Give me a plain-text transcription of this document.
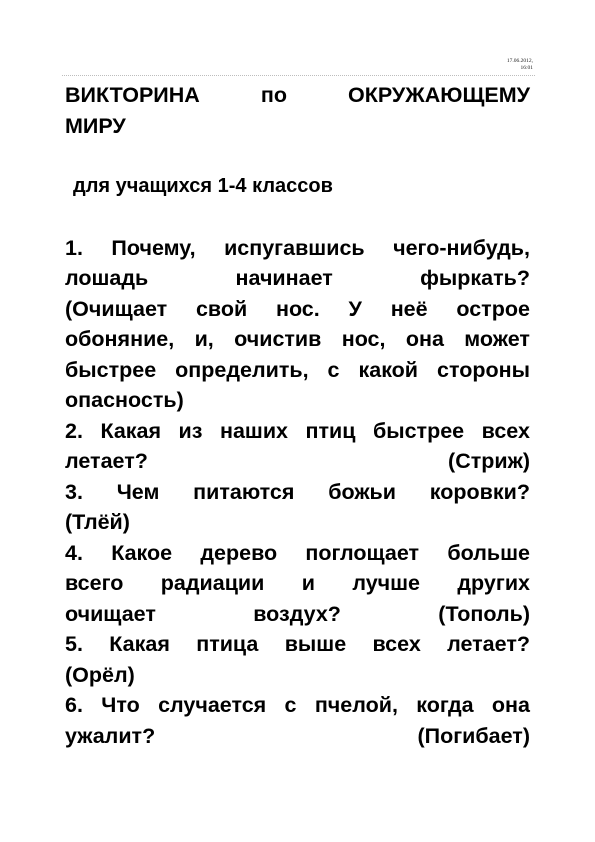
17.06.2012,
16:01
ВИКТОРИНА	по	ОКРУЖАЮЩЕМУ
МИРУ
для учащихся 1-4 классов
1. Почему, испугавшись чего-нибудь,
лошадь	начинает	фыркать?
(Очищает свой нос. У неё острое
обоняние, и, очистив нос, она может
быстрее определить, с какой стороны
опасность)
2. Какая из наших птиц быстрее всех
летает?	(Стриж)
3. Чем питаются божьи коровки?
(Тлёй)
4. Какое дерево поглощает больше
всего радиации и лучше других
очищает	воздух?	(Тополь)
5. Какая птица выше всех летает?
(Орёл)
6. Что случается с пчелой, когда она
ужалит?	(Погибает)
